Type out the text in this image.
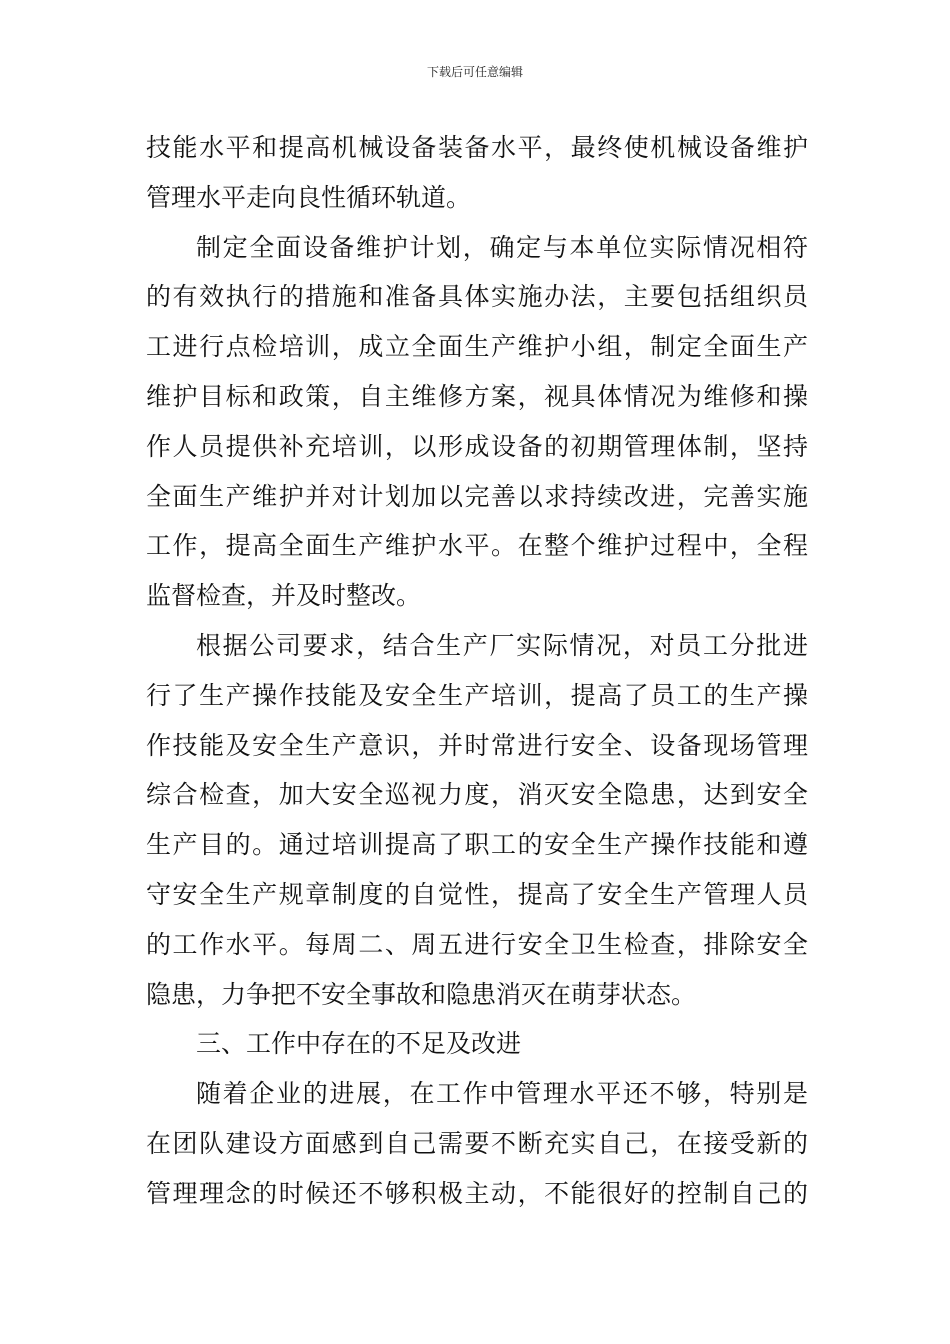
下载后可任意编辑
技能水平和提高机械设备装备水平，最终使机械设备维护
管理水平走向良性循环轨道。
制定全面设备维护计划，确定与本单位实际情况相符
的有效执行的措施和准备具体实施办法，主要包括组织员
工进行点检培训，成立全面生产维护小组，制定全面生产
维护目标和政策，自主维修方案，视具体情况为维修和操
作人员提供补充培训，以形成设备的初期管理体制，坚持
全面生产维护并对计划加以完善以求持续改进，完善实施
工作，提高全面生产维护水平。在整个维护过程中，全程
监督检查，并及时整改。
根据公司要求，结合生产厂实际情况，对员工分批进
行了生产操作技能及安全生产培训，提高了员工的生产操
作技能及安全生产意识，并时常进行安全、设备现场管理
综合检查，加大安全巡视力度，消灭安全隐患，达到安全
生产目的。通过培训提高了职工的安全生产操作技能和遵
守安全生产规章制度的自觉性，提高了安全生产管理人员
的工作水平。每周二、周五进行安全卫生检查，排除安全
隐患，力争把不安全事故和隐患消灭在萌芽状态。
三、工作中存在的不足及改进
随着企业的进展，在工作中管理水平还不够，特别是
在团队建设方面感到自己需要不断充实自己，在接受新的
管理理念的时候还不够积极主动，不能很好的控制自己的
